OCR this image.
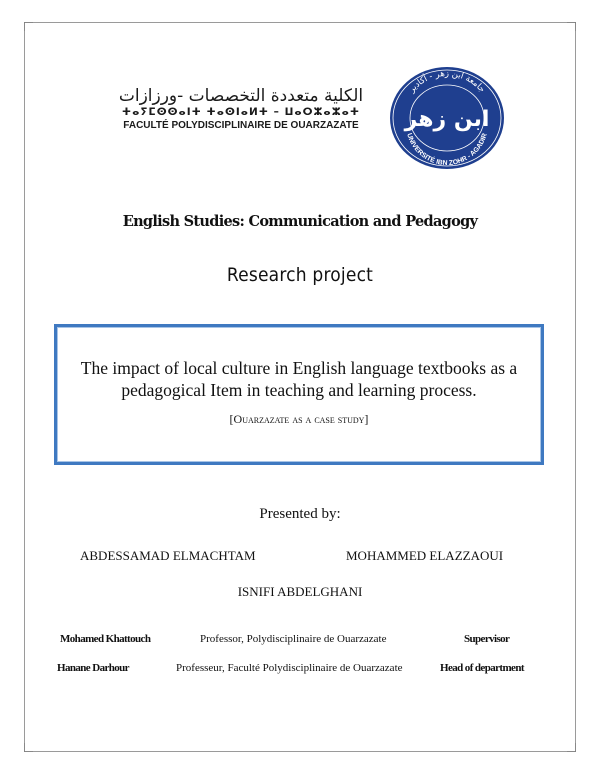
الكلية متعددة التخصصات -ورزازات
ⵜⴰⵢⵎⵙⵙⴰⵏⵜ ⵜⴰⵙⵏⴰⵍⵜ – ⵡⴰⵔⵣⴰⵣⴰⵜ
FACULTÉ POLYDISCIPLINAIRE DE OUARZAZATE
جامعة ابن زهر - أكادير
UNIVERSITÉ IBN ZOHR - AGADIR
ابن زهر
English Studies: Communication and Pedagogy
Research project
The impact of local culture in English language textbooks as a
pedagogical Item in teaching and learning process.
[Ouarzazate as a case study]
Presented by:
ABDESSAMAD ELMACHTAM	MOHAMMED ELAZZAOUI
ISNIFI ABDELGHANI
Mohamed Khattouch	Professor, Polydisciplinaire de Ouarzazate	Supervisor
Hanane Darhour	Professeur, Faculté Polydisciplinaire de Ouarzazate	Head of department
